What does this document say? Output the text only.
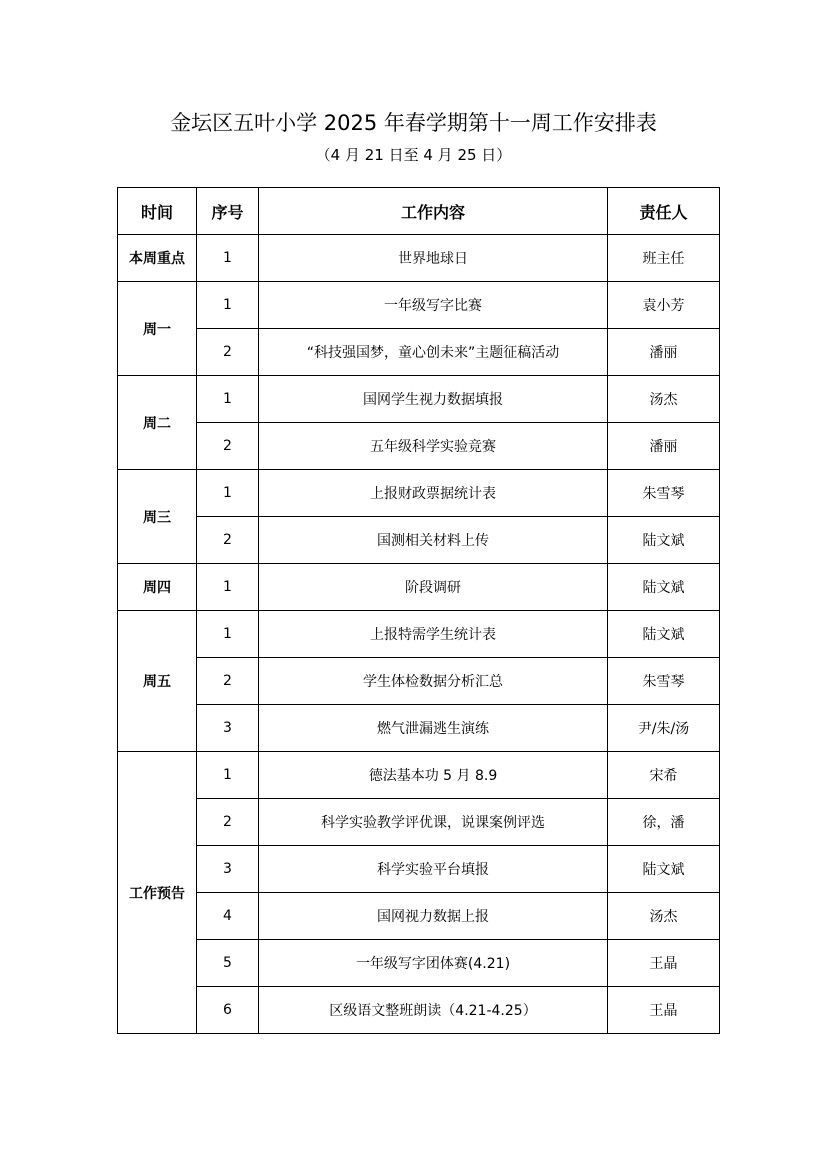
金坛区五叶小学 2025 年春学期第十一周工作安排表
（4 月 21 日至 4 月 25 日）
时间	序号	工作内容	责任人
本周重点	1	世界地球日	班主任
周一	1	一年级写字比赛	袁小芳
	2	“科技强国梦，童心创未来”主题征稿活动	潘丽
周二	1	国网学生视力数据填报	汤杰
	2	五年级科学实验竞赛	潘丽
周三	1	上报财政票据统计表	朱雪琴
	2	国测相关材料上传	陆文斌
周四	1	阶段调研	陆文斌
周五	1	上报特需学生统计表	陆文斌
	2	学生体检数据分析汇总	朱雪琴
	3	燃气泄漏逃生演练	尹/朱/汤
工作预告	1	德法基本功 5 月 8.9	宋希
	2	科学实验教学评优课，说课案例评选	徐，潘
	3	科学实验平台填报	陆文斌
	4	国网视力数据上报	汤杰
	5	一年级写字团体赛(4.21)	王晶
	6	区级语文整班朗读（4.21-4.25）	王晶
